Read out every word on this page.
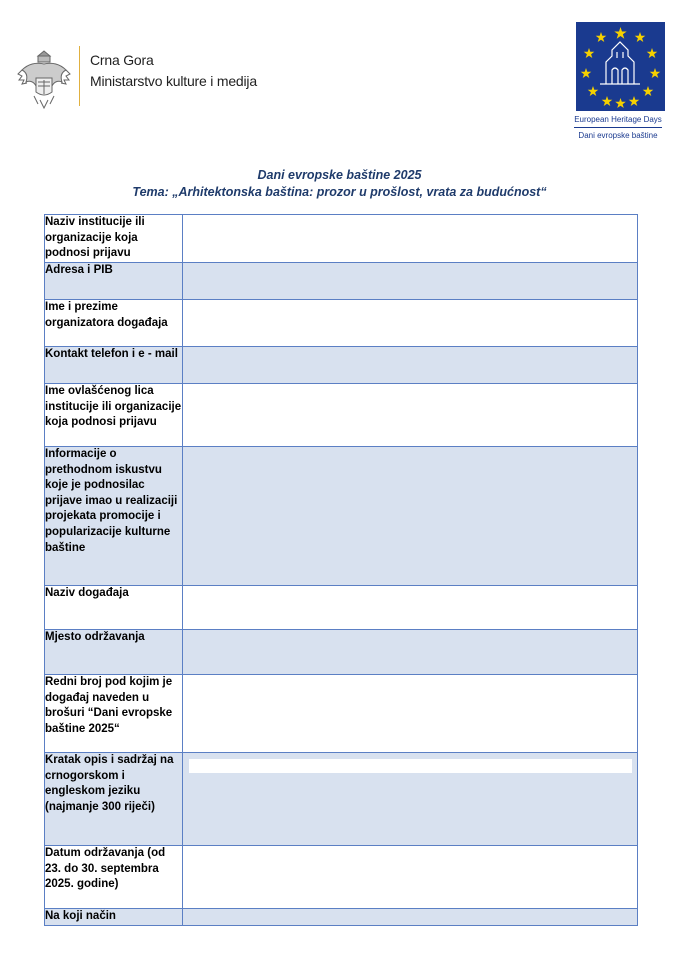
Crna Gora
Ministarstvo kulture i medija
European Heritage Days
Dani evropske baštine
Dani evropske baštine 2025
Tema: „Arhitektonska baština: prozor u prošlost, vrata za budućnost“
Naziv institucije ili organizacije koja podnosi prijavu	
Adresa i PIB	
Ime i prezime organizatora događaja	
Kontakt telefon i e - mail	
Ime ovlašćenog lica institucije ili organizacije koja podnosi prijavu	
Informacije o prethodnom iskustvu koje je podnosilac prijave imao u realizaciji projekata promocije i popularizacije kulturne baštine	
Naziv događaja	
Mjesto održavanja	
Redni broj pod kojim je događaj naveden u brošuri “Dani evropske baštine 2025“	
Kratak opis i sadržaj na crnogorskom i engleskom jeziku (najmanje 300 riječi)	

Datum održavanja (od 23. do 30. septembra 2025. godine)	
Na koji način	
